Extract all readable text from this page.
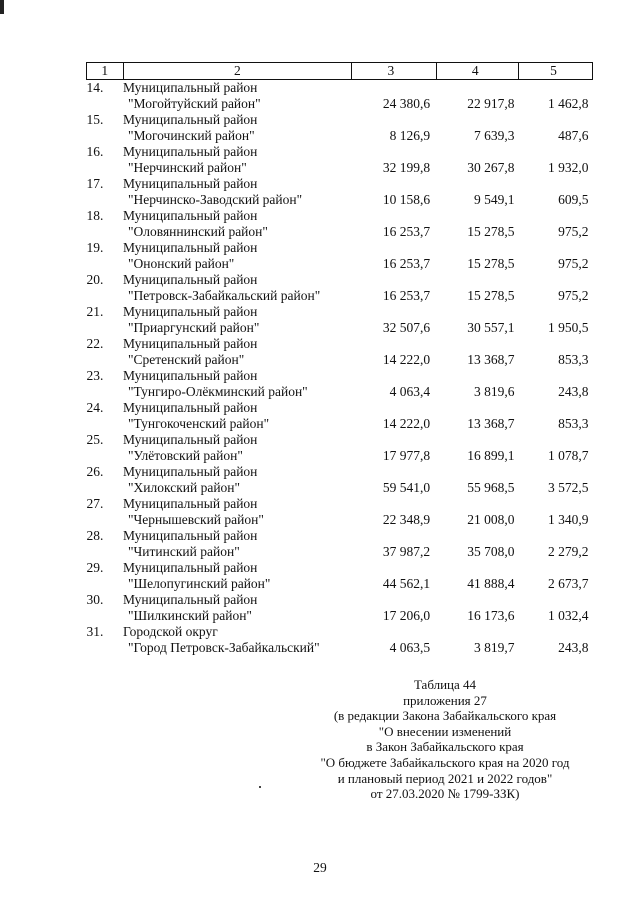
1	2	3	4	5
14.	Муниципальный район
"Могойтуйский район"	24 380,6	22 917,8	1 462,8
15.	Муниципальный район
"Могочинский район"	8 126,9	7 639,3	487,6
16.	Муниципальный район
"Нерчинский район"	32 199,8	30 267,8	1 932,0
17.	Муниципальный район
"Нерчинско-Заводский район"	10 158,6	9 549,1	609,5
18.	Муниципальный район
"Оловяннинский район"	16 253,7	15 278,5	975,2
19.	Муниципальный район
"Ононский район"	16 253,7	15 278,5	975,2
20.	Муниципальный район
"Петровск-Забайкальский район"	16 253,7	15 278,5	975,2
21.	Муниципальный район
"Приаргунский район"	32 507,6	30 557,1	1 950,5
22.	Муниципальный район
"Сретенский район"	14 222,0	13 368,7	853,3
23.	Муниципальный район
"Тунгиро-Олёкминский район"	4 063,4	3 819,6	243,8
24.	Муниципальный район
"Тунгокоченский район"	14 222,0	13 368,7	853,3
25.	Муниципальный район
"Улётовский район"	17 977,8	16 899,1	1 078,7
26.	Муниципальный район
"Хилокский район"	59 541,0	55 968,5	3 572,5
27.	Муниципальный район
"Чернышевский район"	22 348,9	21 008,0	1 340,9
28.	Муниципальный район
"Читинский район"	37 987,2	35 708,0	2 279,2
29.	Муниципальный район
"Шелопугинский район"	44 562,1	41 888,4	2 673,7
30.	Муниципальный район
"Шилкинский район"	17 206,0	16 173,6	1 032,4
31.	Городской округ
"Город Петровск-Забайкальский"	4 063,5	3 819,7	243,8
Таблица 44
приложения 27
(в редакции Закона Забайкальского края
"О внесении изменений
в Закон Забайкальского края
"О бюджете Забайкальского края на 2020 год
и плановый период 2021 и 2022 годов"
от 27.03.2020 № 1799-ЗЗК)
29
